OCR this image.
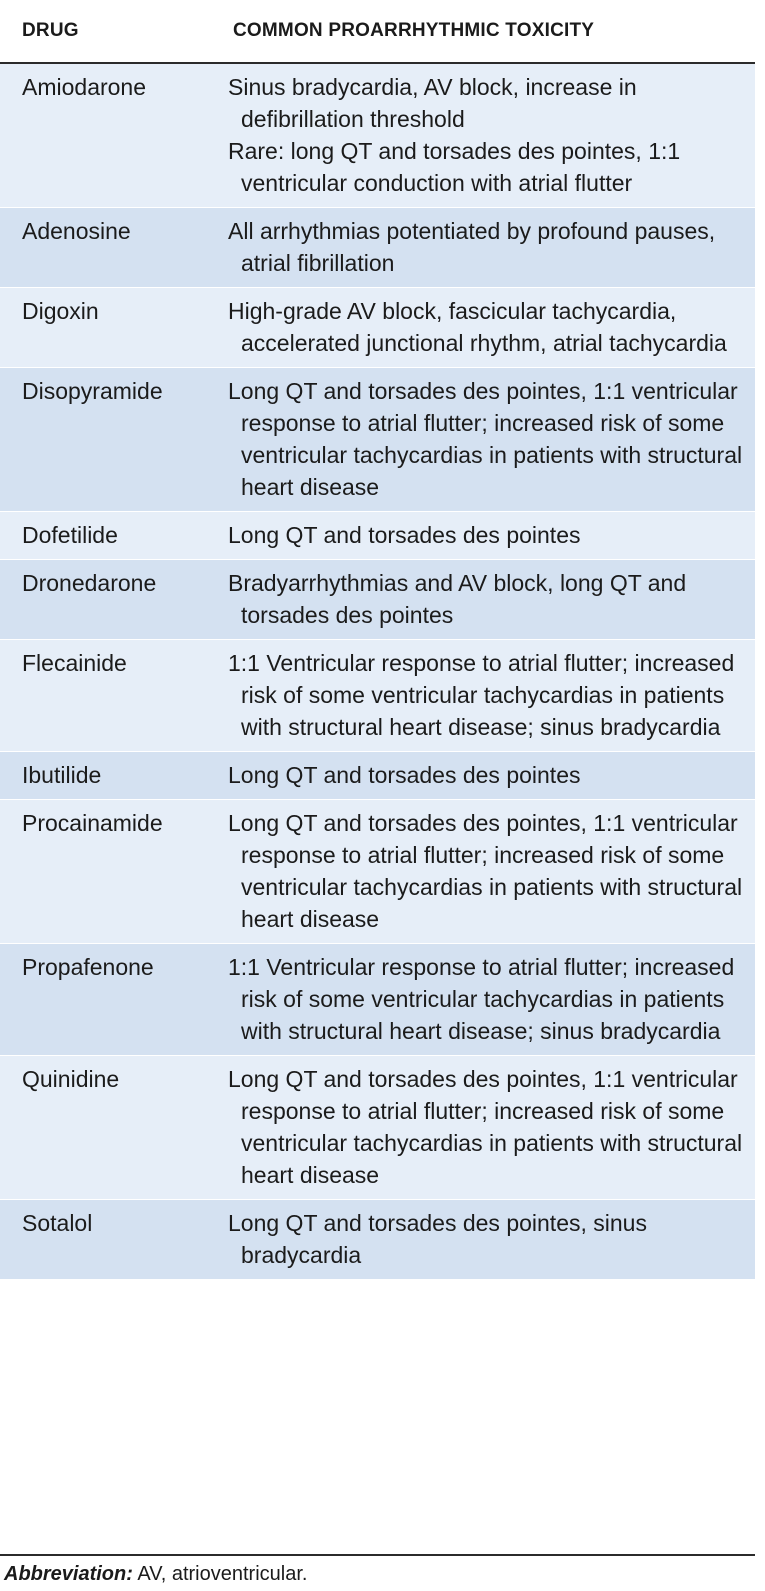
DRUG	COMMON PROARRHYTHMIC TOXICITY
Amiodarone	Sinus bradycardia, AV block, increase in defibrillation threshold
Rare: long QT and torsades des pointes, 1:1 ventricular conduction with atrial flutter
Adenosine	All arrhythmias potentiated by profound pauses, atrial fibrillation
Digoxin	High-grade AV block, fascicular tachycardia, accelerated junctional rhythm, atrial tachycardia
Disopyramide	Long QT and torsades des pointes, 1:1 ventricular response to atrial flutter; increased risk of some ventricular tachycardias in patients with structural heart disease
Dofetilide	Long QT and torsades des pointes
Dronedarone	Bradyarrhythmias and AV block, long QT and torsades des pointes
Flecainide	1:1 Ventricular response to atrial flutter; increased risk of some ventricular tachycardias in patients with structural heart disease; sinus bradycardia
Ibutilide	Long QT and torsades des pointes
Procainamide	Long QT and torsades des pointes, 1:1 ventricular response to atrial flutter; increased risk of some ventricular tachycardias in patients with structural heart disease
Propafenone	1:1 Ventricular response to atrial flutter; increased risk of some ventricular tachycardias in patients with structural heart disease; sinus bradycardia
Quinidine	Long QT and torsades des pointes, 1:1 ventricular response to atrial flutter; increased risk of some ventricular tachycardias in patients with structural heart disease
Sotalol	Long QT and torsades des pointes, sinus bradycardia
Abbreviation: AV, atrioventricular.
